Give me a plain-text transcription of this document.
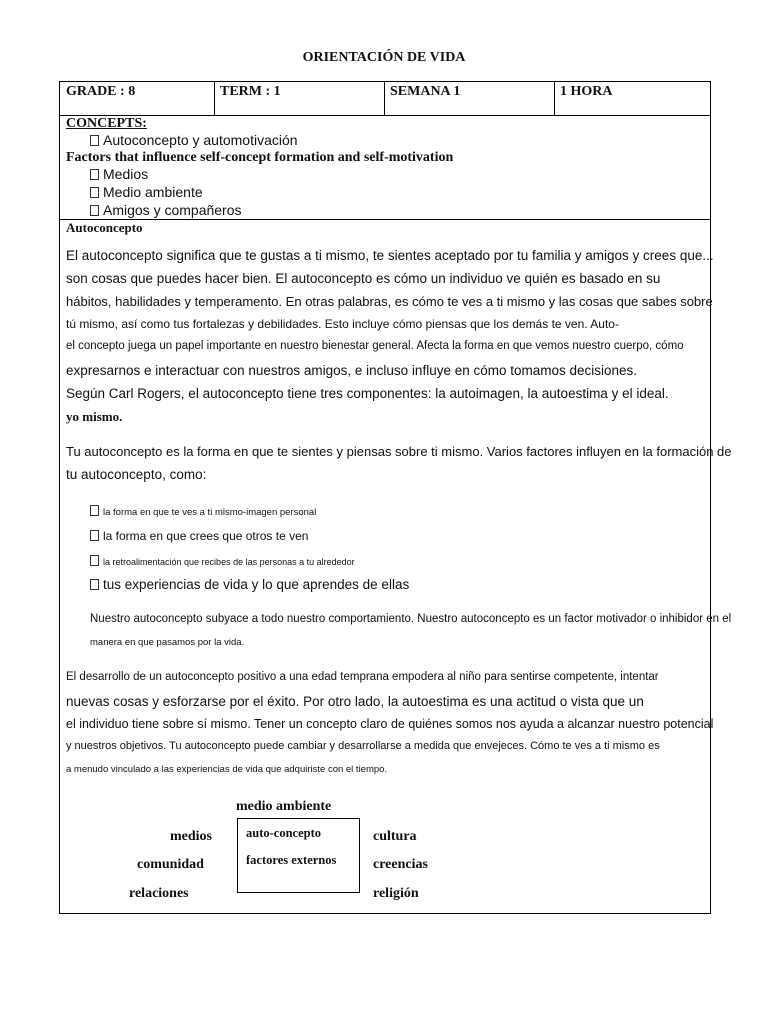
ORIENTACIÓN DE VIDA
GRADE : 8	TERM : 1	SEMANA 1	1 HORA
CONCEPTS:
Autoconcepto y automotivación
Factors that influence self-concept formation and self-motivation
Medios
Medio ambiente
Amigos y compañeros
Autoconcepto
El autoconcepto significa que te gustas a ti mismo, te sientes aceptado por tu familia y amigos y crees que...
son cosas que puedes hacer bien. El autoconcepto es cómo un individuo ve quién es basado en su
hábitos, habilidades y temperamento. En otras palabras, es cómo te ves a ti mismo y las cosas que sabes sobre
tú mismo, así como tus fortalezas y debilidades. Esto incluye cómo piensas que los demás te ven. Auto-
el concepto juega un papel importante en nuestro bienestar general. Afecta la forma en que vemos nuestro cuerpo, cómo
expresarnos e interactuar con nuestros amigos, e incluso influye en cómo tomamos decisiones.
Según Carl Rogers, el autoconcepto tiene tres componentes: la autoimagen, la autoestima y el ideal.
yo mismo.
Tu autoconcepto es la forma en que te sientes y piensas sobre ti mismo. Varios factores influyen en la formación de
tu autoconcepto, como:
la forma en que te ves a ti mismo-imagen personal
la forma en que crees que otros te ven
la retroalimentación que recibes de las personas a tu alrededor
tus experiencias de vida y lo que aprendes de ellas
Nuestro autoconcepto subyace a todo nuestro comportamiento. Nuestro autoconcepto es un factor motivador o inhibidor en el
manera en que pasamos por la vida.
El desarrollo de un autoconcepto positivo a una edad temprana empodera al niño para sentirse competente, intentar
nuevas cosas y esforzarse por el éxito. Por otro lado, la autoestima es una actitud o vista que un
el individuo tiene sobre sí mismo. Tener un concepto claro de quiénes somos nos ayuda a alcanzar nuestro potencial
y nuestros objetivos. Tu autoconcepto puede cambiar y desarrollarse a medida que envejeces. Cómo te ves a ti mismo es
a menudo vinculado a las experiencias de vida que adquiriste con el tiempo.
medio ambiente
medios
comunidad
relaciones
auto-concepto
factores externos
cultura
creencias
religión
